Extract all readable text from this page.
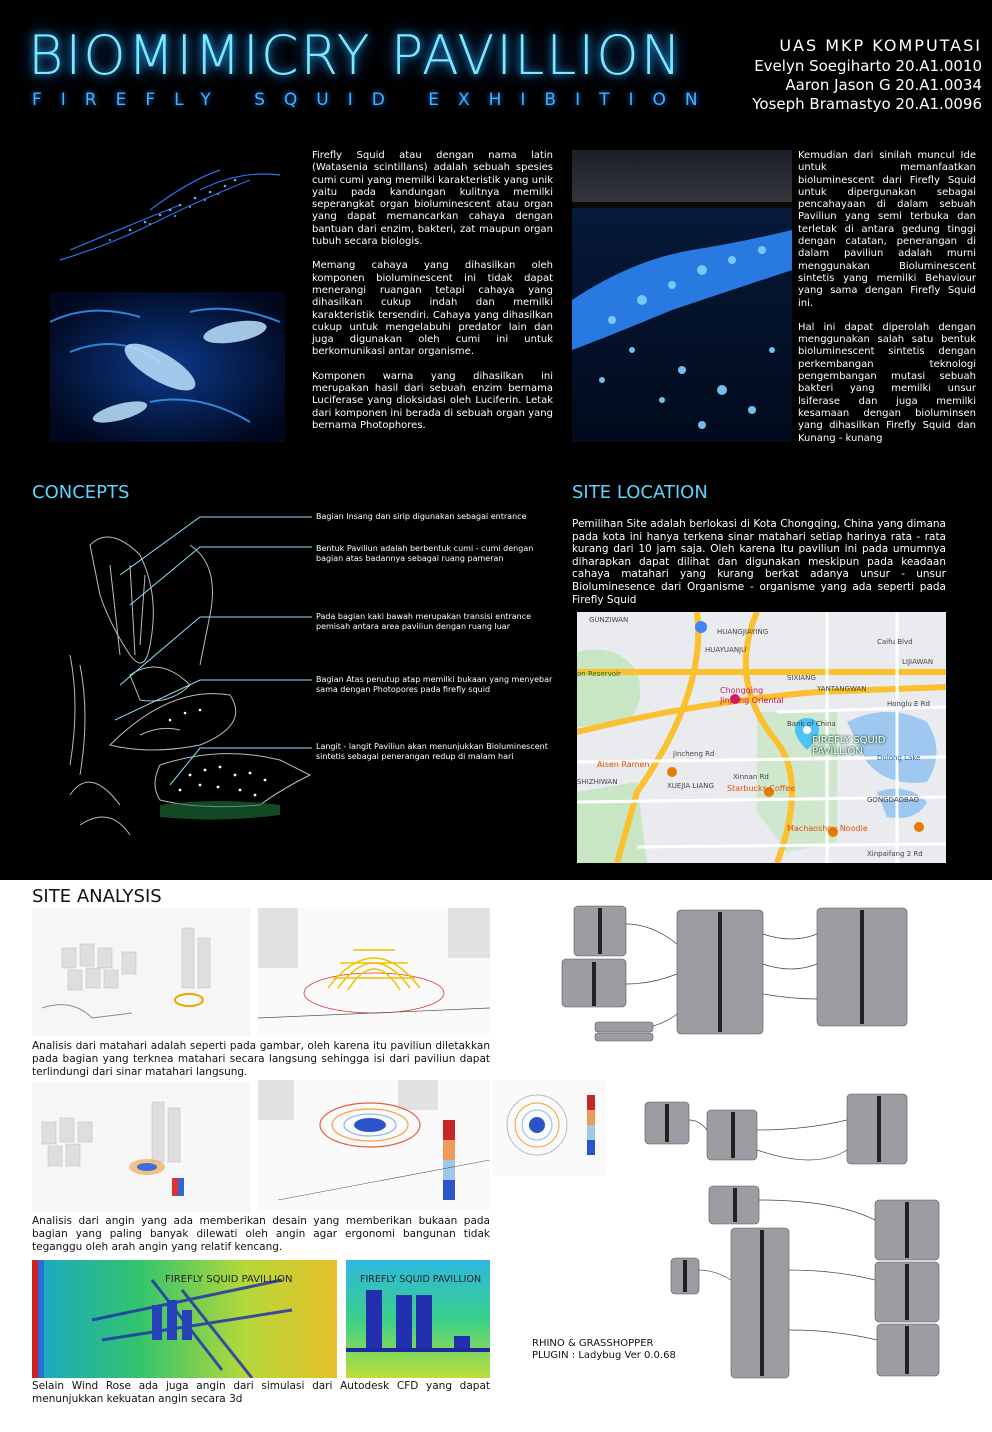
BIOMIMICRY PAVILLION
FIREFLY SQUID EXHIBITION
UAS MKP KOMPUTASI
Evelyn Soegiharto 20.A1.0010
Aaron Jason G 20.A1.0034
Yoseph Bramastyo 20.A1.0096

Firefly Squid atau dengan nama latin (Watasenia scintillans) adalah sebuah spesies cumi cumi yang memilki karakteristik yang unik yaitu pada kandungan kulitnya memilki seperangkat organ bioluminescent atau organ yang dapat memancarkan cahaya dengan bantuan dari enzim, bakteri, zat maupun organ tubuh secara biologis.

Memang cahaya yang dihasilkan oleh komponen bioluminescent ini tidak dapat menerangi ruangan tetapi cahaya yang dihasilkan cukup indah dan memilki karakteristik tersendiri. Cahaya yang dihasilkan cukup untuk mengelabuhi predator lain dan juga digunakan oleh cumi ini untuk berkomunikasi antar organisme.

Komponen warna yang dihasilkan ini merupakan hasil dari sebuah enzim bernama Luciferase yang dioksidasi oleh Luciferin. Letak dari komponen ini berada di sebuah organ yang bernama Photophores.

Kemudian dari sinilah muncul Ide untuk memanfaatkan bioluminescent dari Firefly Squid untuk dipergunakan sebagai pencahayaan di dalam sebuah Paviliun yang semi terbuka dan terletak di antara gedung tinggi dengan catatan, penerangan di dalam paviliun adalah murni menggunakan Bioluminescent sintetis yang memilki Behaviour yang sama dengan Firefly Squid ini.

Hal ini dapat diperolah dengan menggunakan salah satu bentuk bioluminescent sintetis dengan perkembangan teknologi pengembangan mutasi sebuah bakteri yang memilki unsur lsiferase dan juga memilki kesamaan dengan bioluminsen yang dihasilkan Firefly Squid dan Kunang - kunang

CONCEPTS
Bagian Insang dan sirip digunakan sebagai entrance
Bentuk Paviliun adalah berbentuk cumi - cumi dengan bagian atas badannya sebagai ruang pameran
Pada bagian kaki bawah merupakan transisi entrance pemisah antara area paviliun dengan ruang luar
Bagian Atas penutup atap memilki bukaan yang menyebar sama dengan Photopores pada firefly squid
Langit - langit Paviliun akan menunjukkan Bioluminescent sintetis sebagai penerangan redup di malam hari
SITE LOCATION
Pemilihan Site adalah berlokasi di Kota Chongqing, China yang dimana pada kota ini hanya terkena sinar matahari setiap harinya rata - rata kurang dari 10 jam saja. Oleh karena itu paviliun ini pada umumnya diharapkan dapat dilihat dan digunakan meskipun pada keadaan cahaya matahari yang kurang berkat adanya unsur - unsur Bioluminesence dari Organisme - organisme yang ada seperti pada Firefly Squid
FIREFLY SQUID
PAVILLION
GUNZIWAN
HUANGJIAYING
HUAYUANJU
on Reservoir
Chongqing
Jinjiang Oriental
SIXIANG
YANTANGWAN
Honglu E Rd
Caifu Blvd
LIJIAWAN
Bank of China
Dulong Lake
Jincheng Rd
Aisen Ramen
SHIZHIWAN	XUEJIA LIANG
Xinnan Rd
Starbucks Coffee
GONGDAOBAO
Machaoshou Noodle
Xinpaifang 2 Rd
SITE ANALYSIS
Analisis dari matahari adalah seperti pada gambar, oleh karena itu paviliun diletakkan pada bagian yang terknea matahari secara langsung sehingga isi dari paviliun dapat terlindungi dari sinar matahari langsung.
Analisis dari angin yang ada memberikan desain yang memberikan bukaan pada bagian yang paling banyak dilewati oleh angin agar ergonomi bangunan tidak teganggu oleh arah angin yang relatif kencang.
FIREFLY SQUID PAVILLION	FIREFLY SQUID PAVILLION
Selain Wind Rose ada juga angin dari simulasi dari Autodesk CFD yang dapat menunjukkan kekuatan angin secara 3d
RHINO & GRASSHOPPER
PLUGIN : Ladybug Ver 0.0.68
